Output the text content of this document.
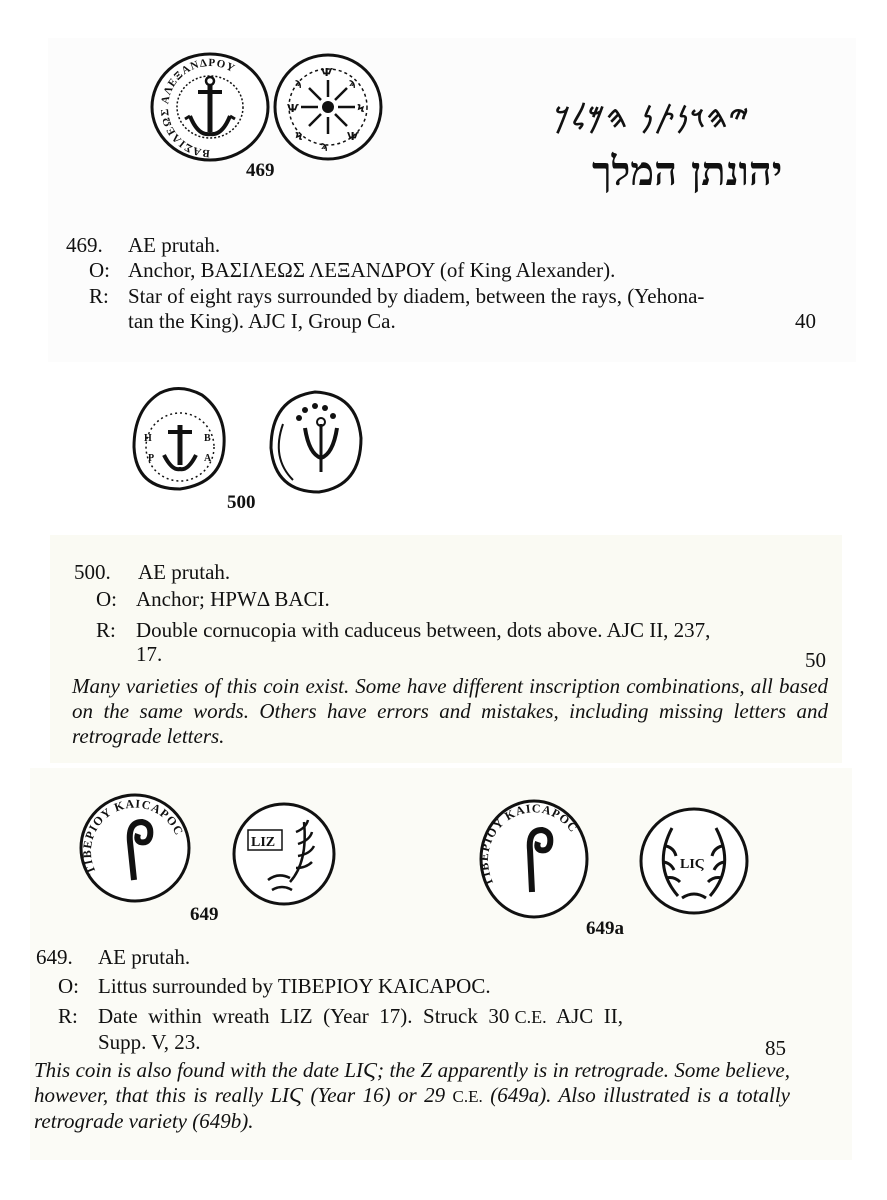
ΒΑΣΙΛΕΩΣ ΑΛΕΞΑΝΔΡΟΥ	Ѱ
ϡ
Ϟ
Ѱ
ϡ
Ϟ
Ѱ
ϡ
469
𐤉𐤄𐤅𐤍𐤕𐤍 𐤄𐤌𐤋𐤊
יהונתן המלך
469. AE prutah.
O: Anchor, ΒΑΣΙΛΕΩΣ ΛΕΞΑΝΔΡΟΥ (of King Alexander).
R: Star of eight rays surrounded by diadem, between the rays, (Yehona-
tan the King). AJC I, Group Ca.	40
H
P
B
A
500
500. AE prutah.
O: Anchor; HPWΔ BACI.
R: Double cornucopia with caduceus between, dots above. AJC II, 237,
17.	50
Many varieties of this coin exist. Some have different inscription combinations, all based on the same words. Others have errors and mistakes, including missing letters and retrograde letters.
TIBEPIOY KAICAPOC
LIZ
649
TIBEPIOY KAICAPOC
LIϚ
649a
649. AE prutah.
O: Littus surrounded by TIBEPIOY KAICAPOC.
R: Date  within  wreath  LIZ  (Year  17).  Struck  30 C.E.  AJC  II,
Supp. V, 23.	85
This coin is also found with the date LIϚ; the Z apparently is in retrograde. Some believe, however, that this is really LIϚ (Year 16) or 29 C.E. (649a). Also illustrated is a totally retrograde variety (649b).
